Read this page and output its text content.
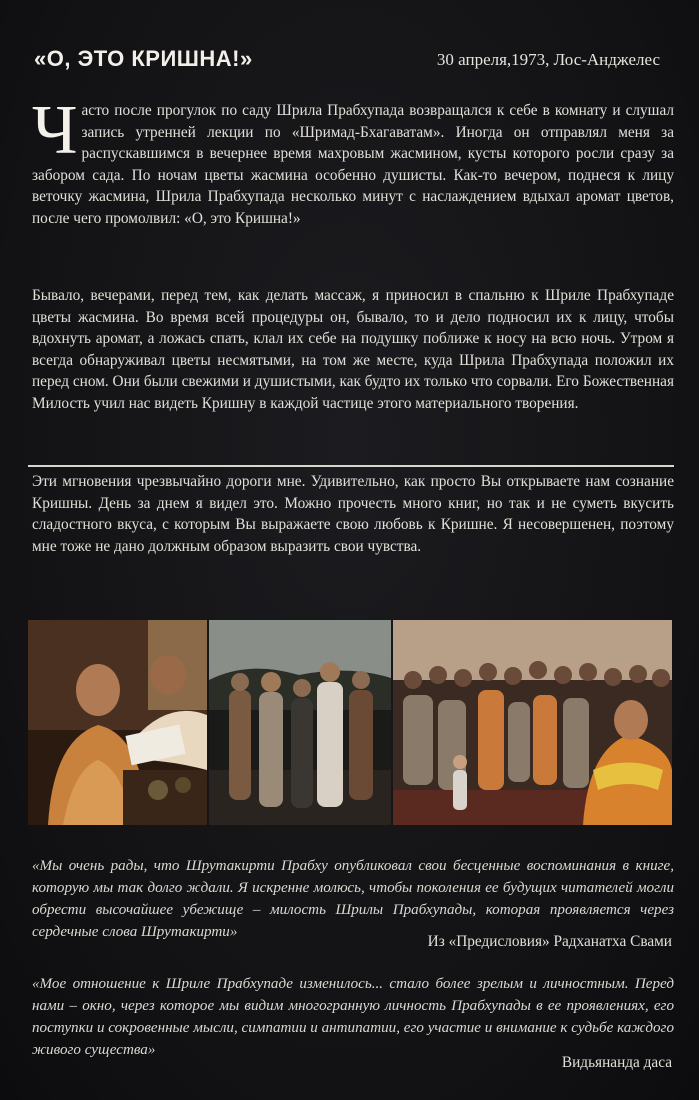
«О, ЭТО КРИШНА!»	30 апреля,1973, Лос-Анджелес
Часто после прогулок по саду Шрила Прабхупада возвращался к себе в комнату и слушал запись утренней лекции по «Шримад-Бхагаватам». Иногда он отправлял меня за распускавшимся в вечернее время махровым жасмином, кусты которого росли сразу за забором сада. По ночам цветы жасмина особенно душисты. Как-то вечером, поднеся к лицу веточку жасмина, Шрила Прабхупада несколько минут с наслаждением вдыхал аромат цветов, после чего промолвил: «О, это Кришна!»
Бывало, вечерами, перед тем, как делать массаж, я приносил в спальню к Шриле Прабхупаде цветы жасмина. Во время всей процедуры он, бывало, то и дело подносил их к лицу, чтобы вдохнуть аромат, а ложась спать, клал их себе на подушку поближе к носу на всю ночь. Утром я всегда обнаруживал цветы несмятыми, на том же месте, куда Шрила Прабхупада положил их перед сном. Они были свежими и душистыми, как будто их только что сорвали. Его Божественная Милость учил нас видеть Кришну в каждой частице этого материального творения.
Эти мгновения чрезвычайно дороги мне. Удивительно, как просто Вы открываете нам сознание Кришны. День за днем я видел это. Можно прочесть много книг, но так и не суметь вкусить сладостного вкуса, с которым Вы выражаете свою любовь к Кришне. Я несовершенен, поэтому мне тоже не дано должным образом выразить свои чувства.
«Мы очень рады, что Шрутакирти Прабху опубликовал свои бесценные воспоминания в книге, которую мы так долго ждали. Я искренне молюсь, чтобы поколения ее будущих читателей могли обрести высочайшее убежище – милость Шрилы Прабхупады, которая проявляется через сердечные слова Шрутакирти»
Из «Предисловия» Радханатха Свами
«Мое отношение к Шриле Прабхупаде изменилось... стало более зрелым и личностным. Перед нами – окно, через которое мы видим многогранную личность Прабхупады в ее проявлениях, его поступки и сокровенные мысли, симпатии и антипатии, его участие и внимание к судьбе каждого живого существа»
Видьянанда даса
